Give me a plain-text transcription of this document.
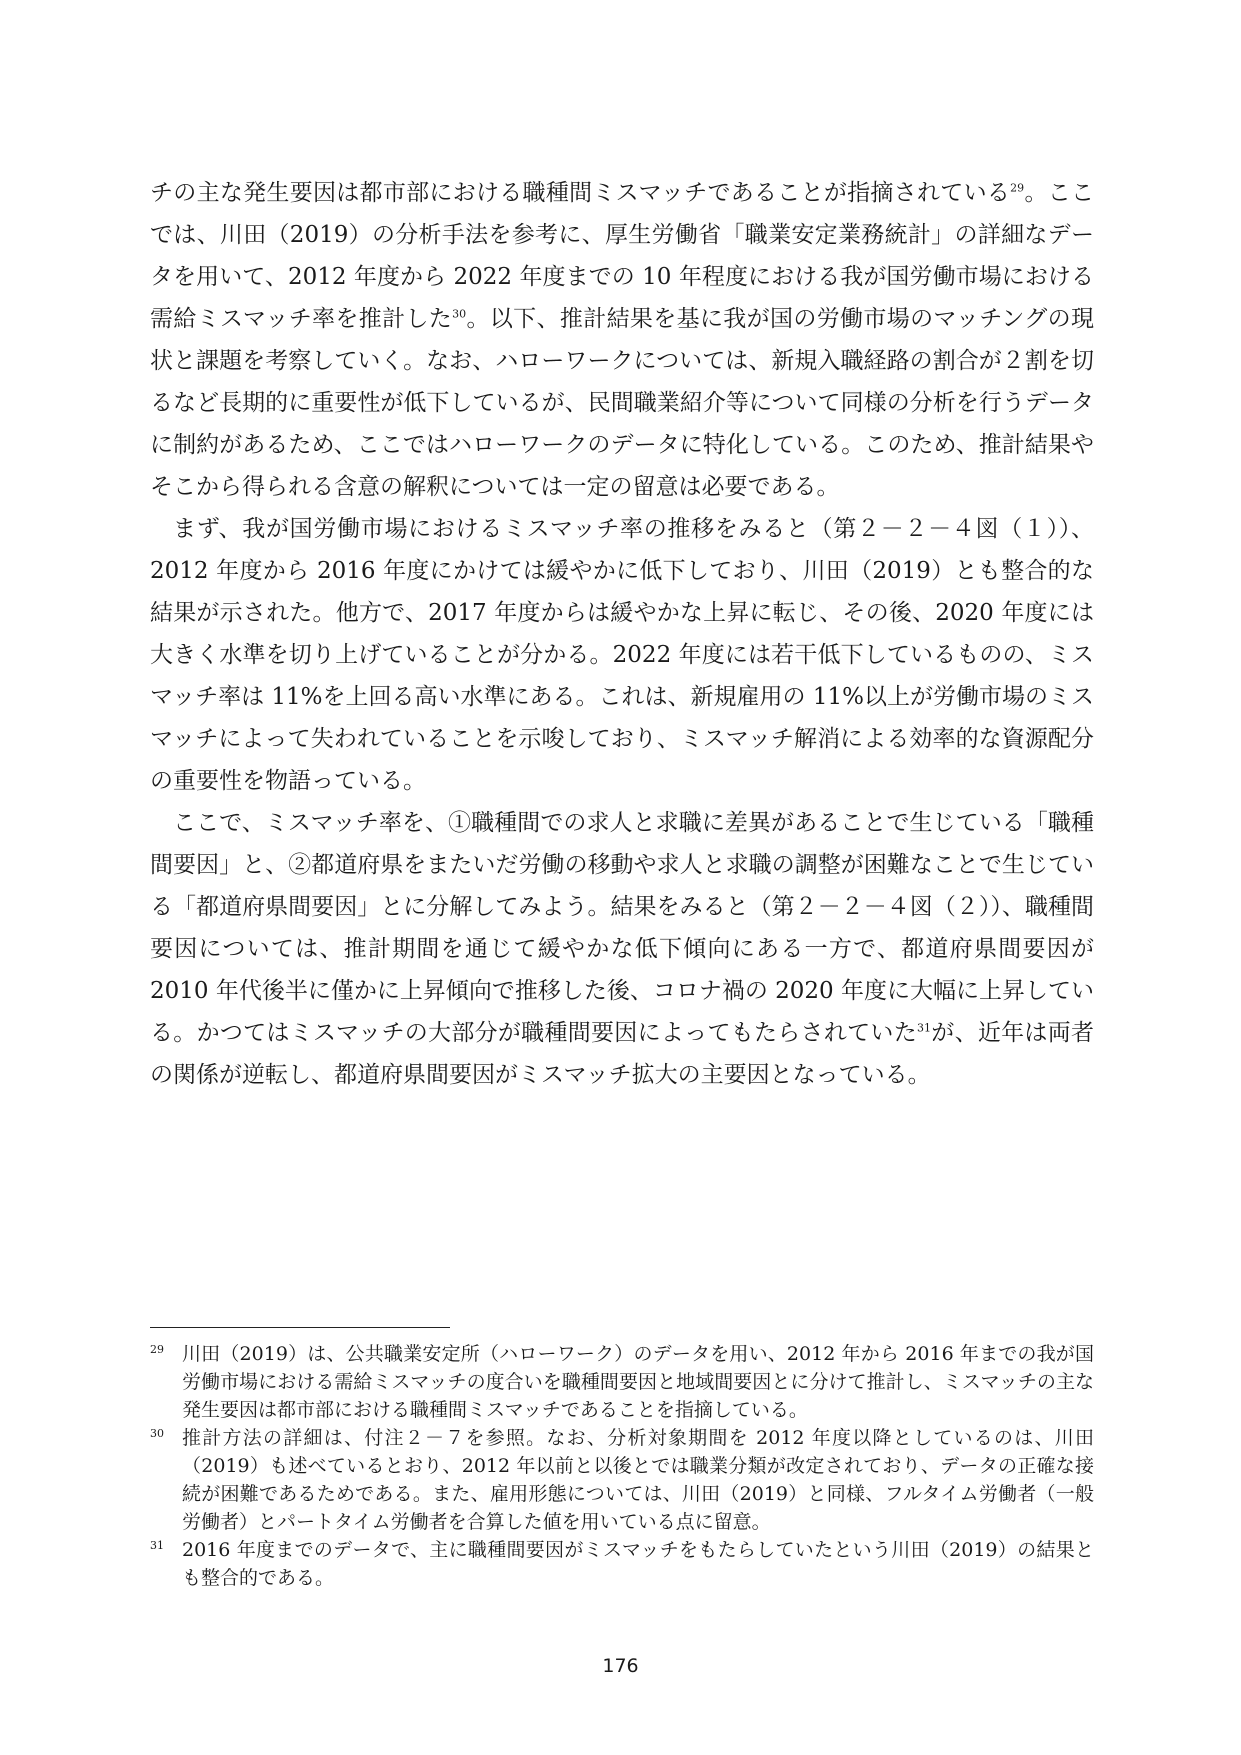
チの主な発生要因は都市部における職種間ミスマッチであることが指摘されている$^{29}$。ここでは、川田（2019）の分析手法を参考に、厚生労働省「職業安定業務統計」の詳細なデータを用いて、2012 年度から 2022 年度までの 10 年程度における我が国労働市場における需給ミスマッチ率を推計した$^{30}$。以下、推計結果を基に我が国の労働市場のマッチングの現状と課題を考察していく。なお、ハローワークについては、新規入職経路の割合が２割を切るなど長期的に重要性が低下しているが、民間職業紹介等について同様の分析を行うデータに制約があるため、ここではハローワークのデータに特化している。このため、推計結果やそこから得られる含意の解釈については一定の留意は必要である。

まず、我が国労働市場におけるミスマッチ率の推移をみると（第２－２－４図（１））、2012 年度から 2016 年度にかけては緩やかに低下しており、川田（2019）とも整合的な結果が示された。他方で、2017 年度からは緩やかな上昇に転じ、その後、2020 年度には大きく水準を切り上げていることが分かる。2022 年度には若干低下しているものの、ミスマッチ率は 11%を上回る高い水準にある。これは、新規雇用の 11%以上が労働市場のミスマッチによって失われていることを示唆しており、ミスマッチ解消による効率的な資源配分の重要性を物語っている。

ここで、ミスマッチ率を、①職種間での求人と求職に差異があることで生じている「職種間要因」と、②都道府県をまたいだ労働の移動や求人と求職の調整が困難なことで生じている「都道府県間要因」とに分解してみよう。結果をみると（第２－２－４図（２））、職種間要因については、推計期間を通じて緩やかな低下傾向にある一方で、都道府県間要因が 2010 年代後半に僅かに上昇傾向で推移した後、コロナ禍の 2020 年度に大幅に上昇している。かつてはミスマッチの大部分が職種間要因によってもたらされていた$^{31}$が、近年は両者の関係が逆転し、都道府県間要因がミスマッチ拡大の主要因となっている。

29 川田（2019）は、公共職業安定所（ハローワーク）のデータを用い、2012 年から 2016 年までの我が国労働市場における需給ミスマッチの度合いを職種間要因と地域間要因とに分けて推計し、ミスマッチの主な発生要因は都市部における職種間ミスマッチであることを指摘している。

30 推計方法の詳細は、付注２－７を参照。なお、分析対象期間を 2012 年度以降としているのは、川田（2019）も述べているとおり、2012 年以前と以後とでは職業分類が改定されており、データの正確な接続が困難であるためである。また、雇用形態については、川田（2019）と同様、フルタイム労働者（一般労働者）とパートタイム労働者を合算した値を用いている点に留意。

31 2016 年度までのデータで、主に職種間要因がミスマッチをもたらしていたという川田（2019）の結果とも整合的である。

176
